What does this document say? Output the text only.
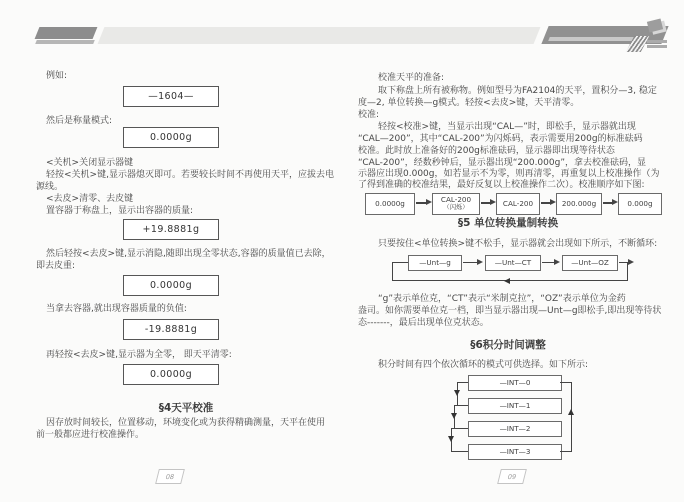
例如:
—1604—
然后是称量模式:
0.0000g
<关机>关闭显示器键
轻按<关机>键,显示器熄灭即可。若要较长时间不再使用天平，应拔去电
源线。
<去皮>清零、去皮键
置容器于称盘上，显示出容器的质量:
+19.8881g
然后轻按<去皮>键,显示消隐,随即出现全零状态,容器的质量值已去除，
即去皮重:
0.0000g
当拿去容器,就出现容器质量的负值:
-19.8881g
再轻按<去皮>键,显示器为全零， 即天平清零:
0.0000g
§4天平校准
因存放时间较长，位置移动，环境变化或为获得精确测量，天平在使用
前一般都应进行校准操作。
校准天平的准备:
取下称盘上所有被称物。例如型号为FA2104的天平，置积分—3, 稳定
度—2, 单位转换—g模式。轻按<去皮>键，天平清零。
校准:
轻按<校准>键，当显示出现“CAL—”时，即松手，显示器就出现
“CAL—200”，其中“CAL-200”为闪烁码，表示需要用200g的标准砝码
校准。此时放上准备好的200g标准砝码，显示器即出现等待状态
“CAL-200”，经数秒钟后，显示器出现“200.000g”，拿去校准砝码，显
示器应出现0.000g，如若显示不为零，则再清零，再重复以上校准操作（为
了得到准确的校准结果，最好反复以上校准操作二次）。校准顺序如下图:
0.0000g	CAL-200
（闪烁）	CAL-200	200.000g	0.000g
§5 单位转换量制转换
只要按住<单位转换>键不松手，显示器就会出现如下所示，不断循环:
—Unt—g	—Unt—CT	—Unt—OZ
“g”表示单位克，“CT”表示“米制克拉”，“OZ”表示单位为金药
盎司。如你需要单位克一档，即当显示器出现—Unt—g即松手,即出现等待状
态-------，最后出现单位克状态。
§6积分时间调整
积分时间有四个依次循环的模式可供选择。如下所示:
—INT—0
—INT—1
—INT—2
—INT—3
08	09
